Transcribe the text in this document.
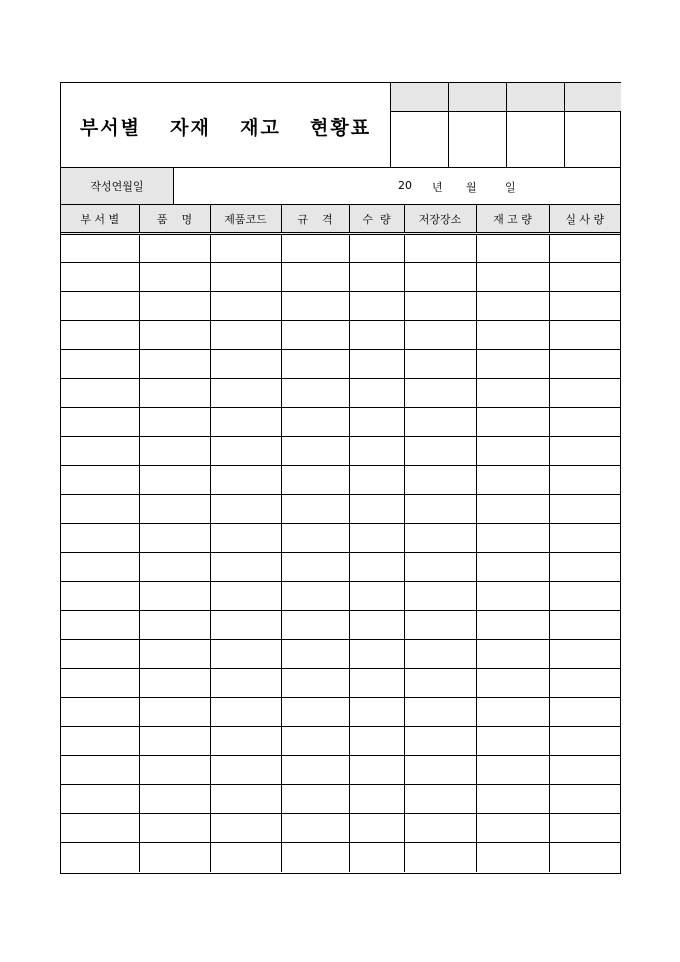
부서별  자재  재고  현황표
작성연월일	20 년 월	일
부 서 별	품    명	제품코드	규    격	수  량	저장장소	재 고 량	실 사 량
